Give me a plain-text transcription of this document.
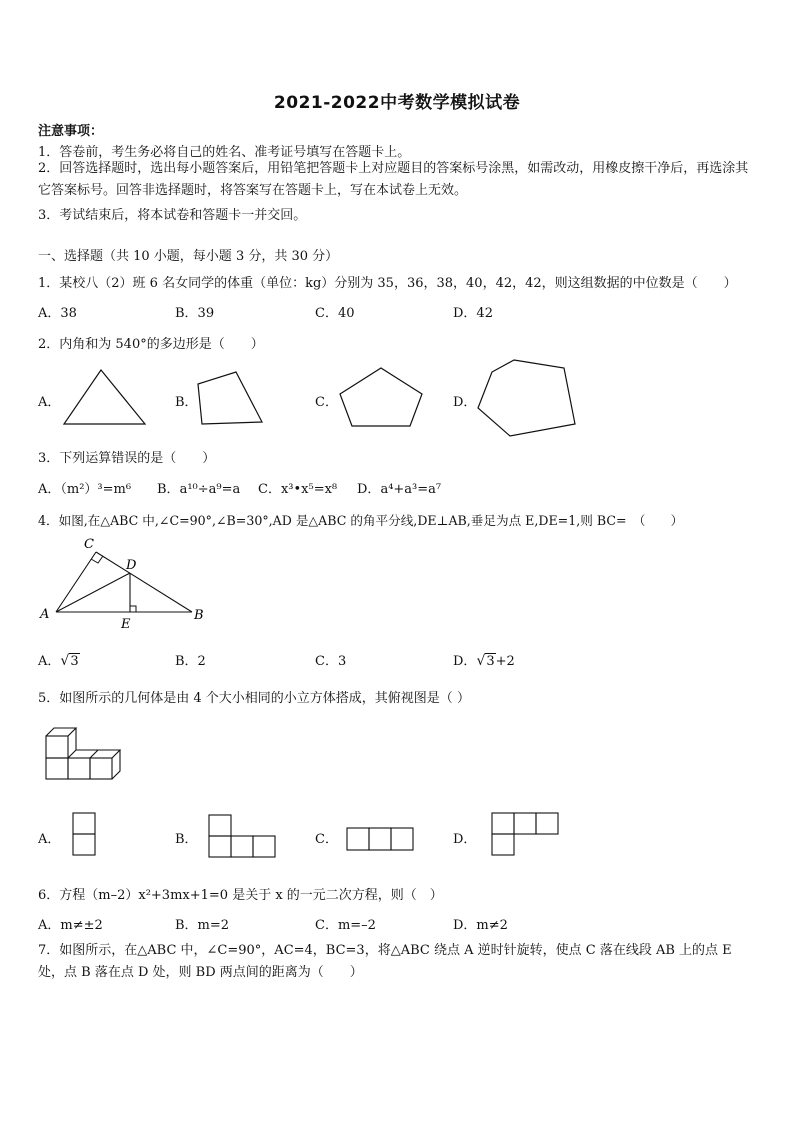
2021-2022中考数学模拟试卷
注意事项：
1．答卷前，考生务必将自己的姓名、准考证号填写在答题卡上。
2．回答选择题时，选出每小题答案后，用铅笔把答题卡上对应题目的答案标号涂黑，如需改动，用橡皮擦干净后，再选涂其它答案标号。回答非选择题时，将答案写在答题卡上，写在本试卷上无效。
3．考试结束后，将本试卷和答题卡一并交回。
一、选择题（共 10 小题，每小题 3 分，共 30 分）
1．某校八（2）班 6 名女同学的体重（单位：kg）分别为 35，36，38，40，42，42，则这组数据的中位数是（　　）
A．38	B．39	C．40	D．42
2．内角和为 540°的多边形是（　　）
A．	B．	C．	D．
3．下列运算错误的是（　　）
A．（m²）³=m⁶ B．a¹⁰÷a⁹=a C．x³•x⁵=x⁸ D．a⁴+a³=a⁷
4．如图,在△ABC 中,∠C=90°,∠B=30°,AD 是△ABC 的角平分线,DE⊥AB,垂足为点 E,DE=1,则 BC=　（　　）
C
D
A
E
B
A．√3	B．2	C．3	D．√3+2
5．如图所示的几何体是由 4 个大小相同的小立方体搭成，其俯视图是（ ）
A．	B．	C．	D．
6．方程（m–2）x²+3mx+1=0 是关于 x 的一元二次方程，则（　）
A．m≠±2	B．m=2	C．m=–2	D．m≠2
7．如图所示，在△ABC 中，∠C=90°，AC=4，BC=3，将△ABC 绕点 A 逆时针旋转，使点 C 落在线段 AB 上的点 E 处，点 B 落在点 D 处，则 BD 两点间的距离为（　　）
